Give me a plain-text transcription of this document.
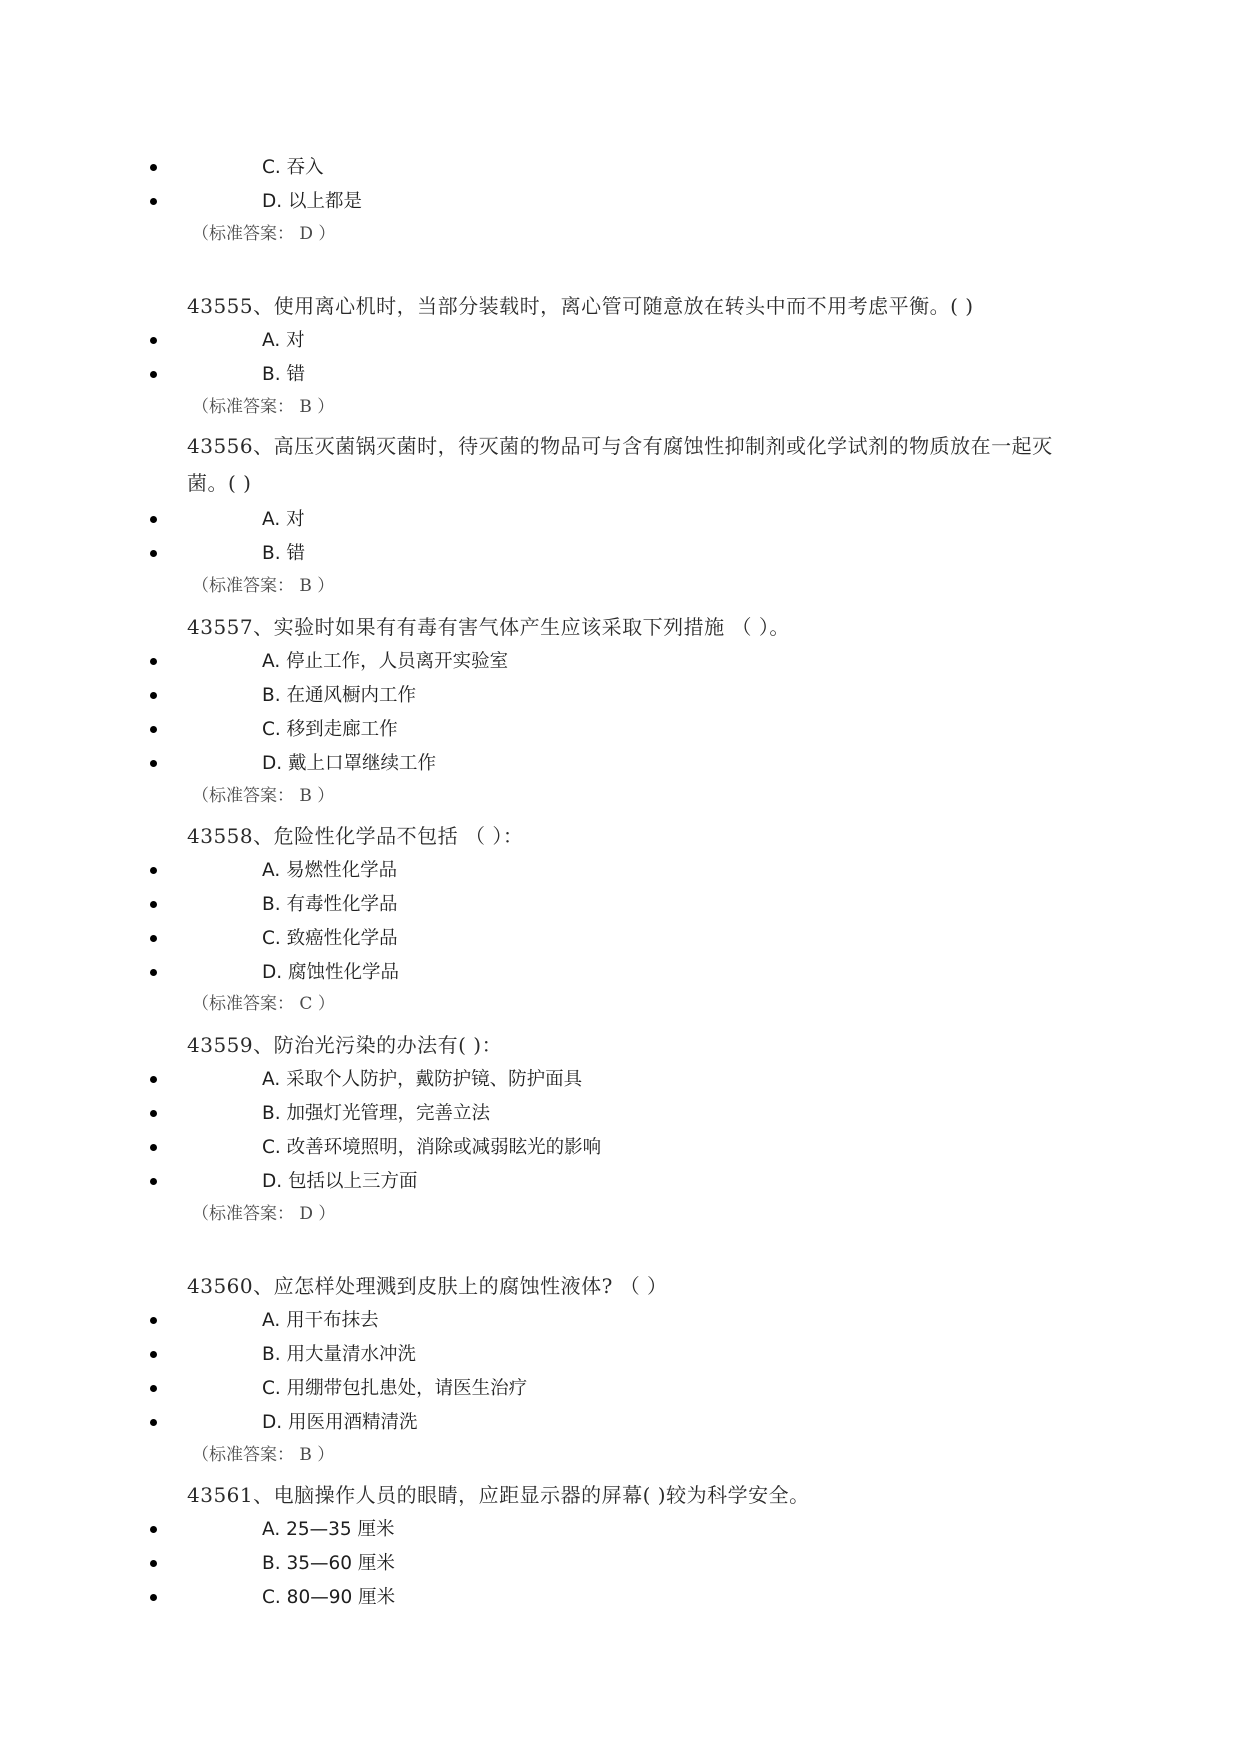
C. 吞入
D. 以上都是
（标准答案： D ）
43555、使用离心机时，当部分装载时，离心管可随意放在转头中而不用考虑平衡。( )
A. 对
B. 错
（标准答案： B ）
43556、高压灭菌锅灭菌时，待灭菌的物品可与含有腐蚀性抑制剂或化学试剂的物质放在一起灭菌。( )
A. 对
B. 错
（标准答案： B ）
43557、实验时如果有有毒有害气体产生应该采取下列措施 （ ）。
A. 停止工作，人员离开实验室
B. 在通风橱内工作
C. 移到走廊工作
D. 戴上口罩继续工作
（标准答案： B ）
43558、危险性化学品不包括 （ ）：
A. 易燃性化学品
B. 有毒性化学品
C. 致癌性化学品
D. 腐蚀性化学品
（标准答案： C ）
43559、防治光污染的办法有( )：
A. 采取个人防护，戴防护镜、防护面具
B. 加强灯光管理，完善立法
C. 改善环境照明，消除或减弱眩光的影响
D. 包括以上三方面
（标准答案： D ）
43560、应怎样处理溅到皮肤上的腐蚀性液体? （ ）
A. 用干布抹去
B. 用大量清水冲洗
C. 用绷带包扎患处，请医生治疗
D. 用医用酒精清洗
（标准答案： B ）
43561、电脑操作人员的眼睛，应距显示器的屏幕( )较为科学安全。
A. 25—35 厘米
B. 35—60 厘米
C. 80—90 厘米
